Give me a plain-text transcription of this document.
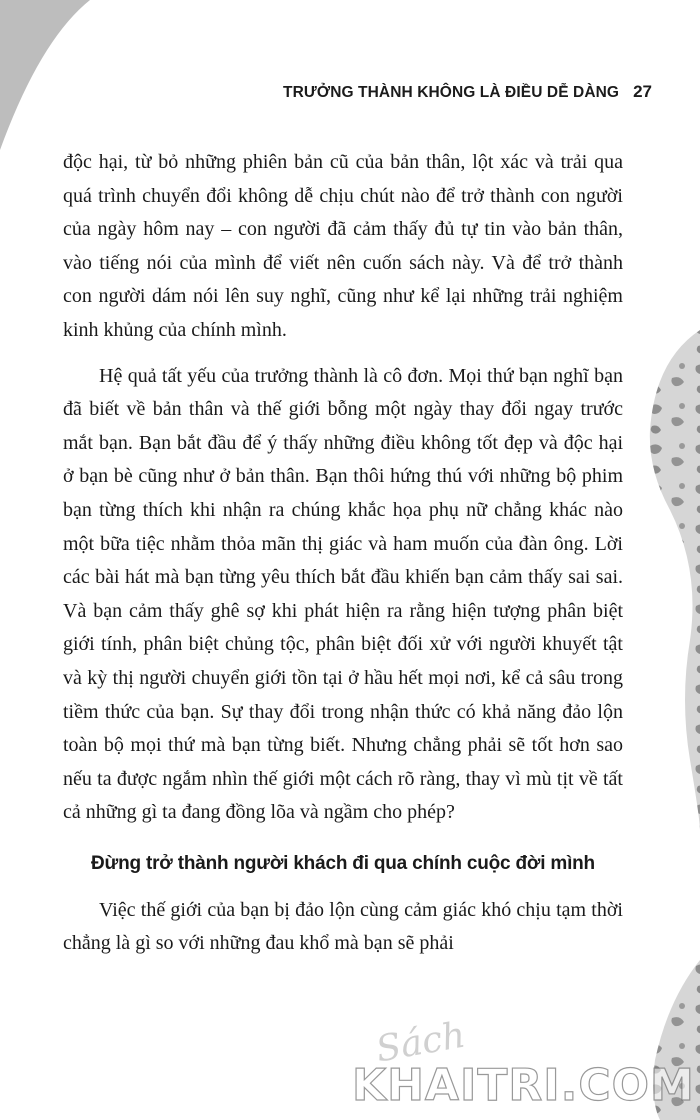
TRƯỞNG THÀNH KHÔNG LÀ ĐIỀU DỄ DÀNG 27

độc hại, từ bỏ những phiên bản cũ của bản thân, lột xác và trải qua quá trình chuyển đổi không dễ chịu chút nào để trở thành con người của ngày hôm nay – con người đã cảm thấy đủ tự tin vào bản thân, vào tiếng nói của mình để viết nên cuốn sách này. Và để trở thành con người dám nói lên suy nghĩ, cũng như kể lại những trải nghiệm kinh khủng của chính mình.

Hệ quả tất yếu của trưởng thành là cô đơn. Mọi thứ bạn nghĩ bạn đã biết về bản thân và thế giới bỗng một ngày thay đổi ngay trước mắt bạn. Bạn bắt đầu để ý thấy những điều không tốt đẹp và độc hại ở bạn bè cũng như ở bản thân. Bạn thôi hứng thú với những bộ phim bạn từng thích khi nhận ra chúng khắc họa phụ nữ chẳng khác nào một bữa tiệc nhằm thỏa mãn thị giác và ham muốn của đàn ông. Lời các bài hát mà bạn từng yêu thích bắt đầu khiến bạn cảm thấy sai sai. Và bạn cảm thấy ghê sợ khi phát hiện ra rằng hiện tượng phân biệt giới tính, phân biệt chủng tộc, phân biệt đối xử với người khuyết tật và kỳ thị người chuyển giới tồn tại ở hầu hết mọi nơi, kể cả sâu trong tiềm thức của bạn. Sự thay đổi trong nhận thức có khả năng đảo lộn toàn bộ mọi thứ mà bạn từng biết. Nhưng chẳng phải sẽ tốt hơn sao nếu ta được ngắm nhìn thế giới một cách rõ ràng, thay vì mù tịt về tất cả những gì ta đang đồng lõa và ngầm cho phép?

Đừng trở thành người khách đi qua chính cuộc đời mình

Việc thế giới của bạn bị đảo lộn cùng cảm giác khó chịu tạm thời chẳng là gì so với những đau khổ mà bạn sẽ phải

Sách
KHAITRI.COM
